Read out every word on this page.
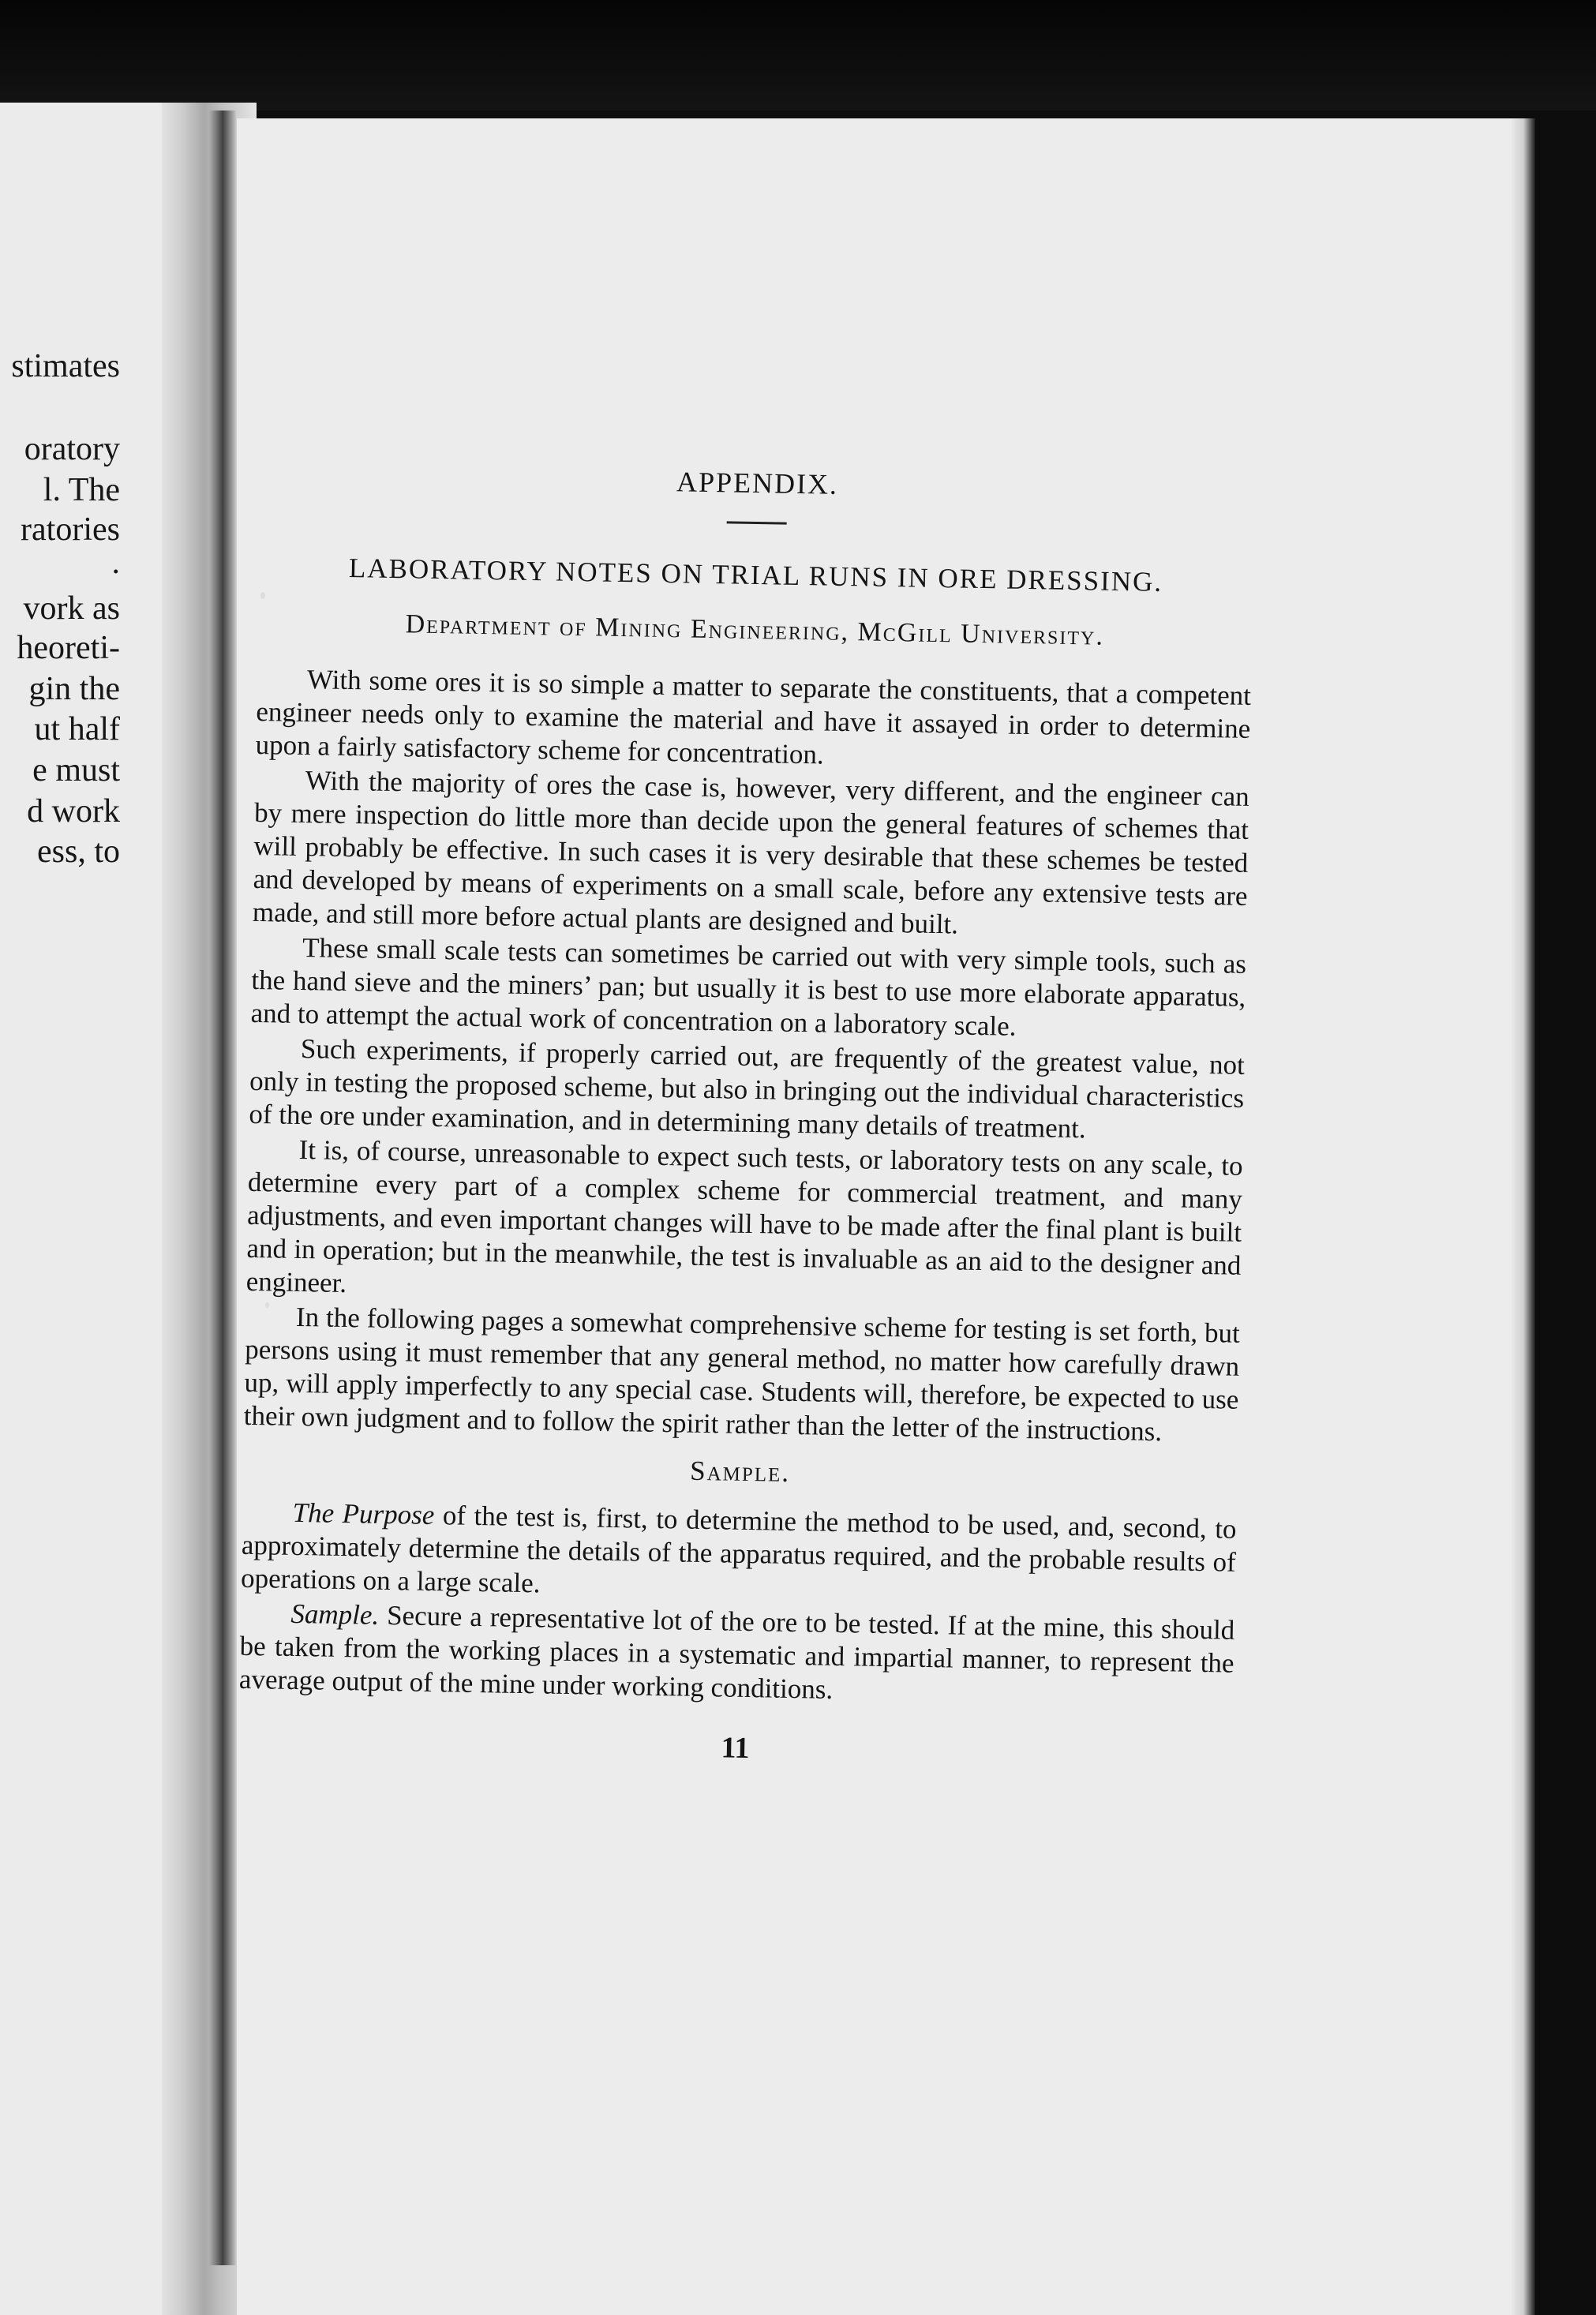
stimates
oratory
l. The
ratories
.
vork as
heoreti-
gin the
ut half
e must
d work
ess, to
APPENDIX.
LABORATORY NOTES ON TRIAL RUNS IN ORE DRESSING.
Department of Mining Engineering, McGill University.

With some ores it is so simple a matter to separate the constituents, that a competent engineer needs only to examine the material and have it assayed in order to determine upon a fairly satisfactory scheme for concentration.

With the majority of ores the case is, however, very different, and the engineer can by mere inspection do little more than decide upon the general features of schemes that will probably be effective. In such cases it is very desirable that these schemes be tested and developed by means of experiments on a small scale, before any extensive tests are made, and still more before actual plants are designed and built.

These small scale tests can sometimes be carried out with very simple tools, such as the hand sieve and the miners’ pan; but usually it is best to use more elaborate apparatus, and to attempt the actual work of concentration on a laboratory scale.

Such experiments, if properly carried out, are frequently of the greatest value, not only in testing the proposed scheme, but also in bringing out the individual characteristics of the ore under examination, and in determining many details of treatment.

It is, of course, unreasonable to expect such tests, or laboratory tests on any scale, to determine every part of a complex scheme for commercial treatment, and many adjustments, and even important changes will have to be made after the final plant is built and in operation; but in the meanwhile, the test is invaluable as an aid to the designer and engineer.

In the following pages a somewhat comprehensive scheme for testing is set forth, but persons using it must remember that any general method, no matter how carefully drawn up, will apply imperfectly to any special case. Students will, therefore, be expected to use their own judgment and to follow the spirit rather than the letter of the instructions.

Sample.

The Purpose of the test is, first, to determine the method to be used, and, second, to approximately determine the details of the apparatus required, and the probable results of operations on a large scale.

Sample. Secure a representative lot of the ore to be tested. If at the mine, this should be taken from the working places in a systematic and impartial manner, to represent the average output of the mine under working conditions.

11
